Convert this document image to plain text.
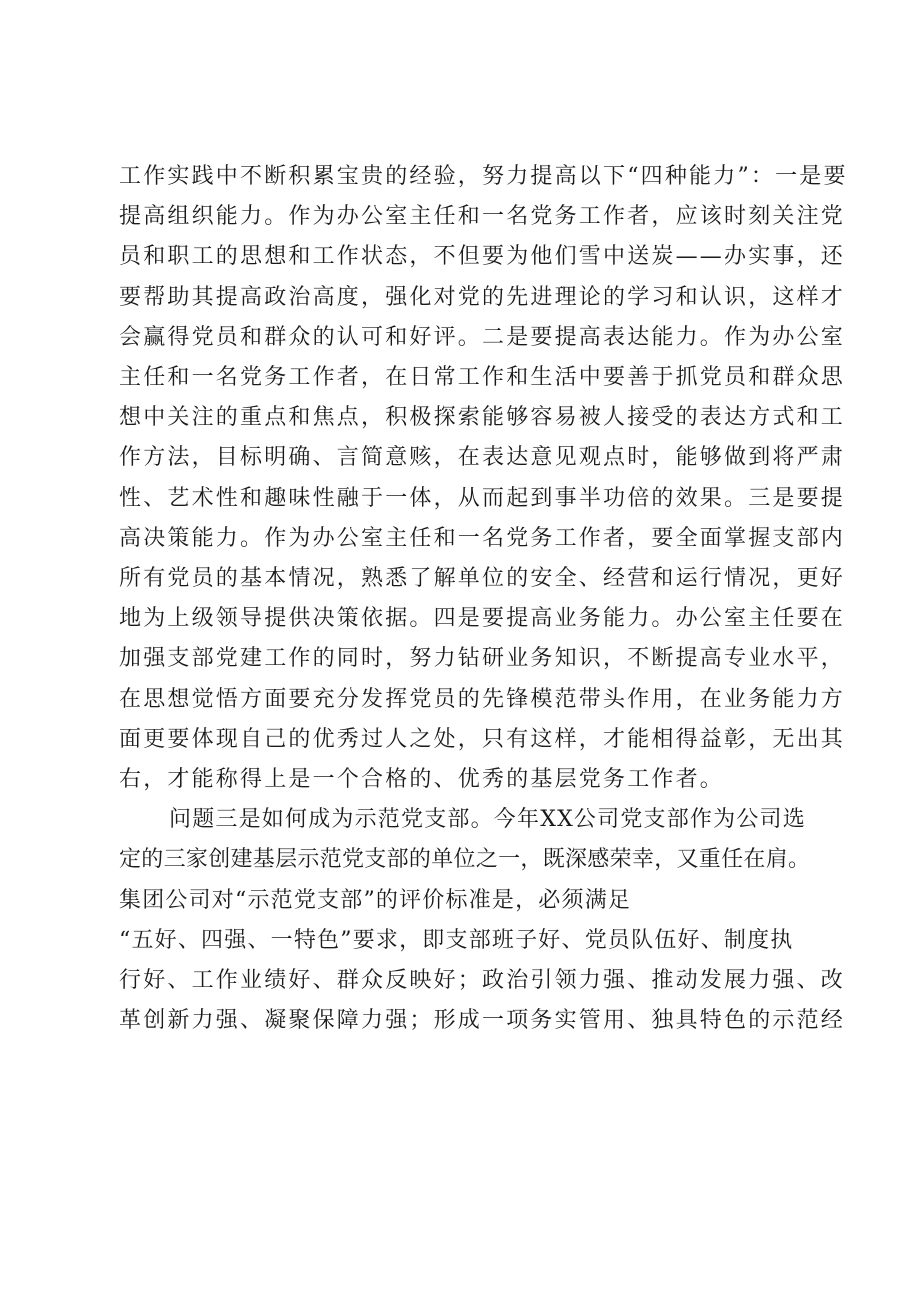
工作实践中不断积累宝贵的经验，努力提高以下“四种能力”：一是要
提高组织能力。作为办公室主任和一名党务工作者，应该时刻关注党
员和职工的思想和工作状态，不但要为他们雪中送炭——办实事，还
要帮助其提高政治高度，强化对党的先进理论的学习和认识，这样才
会赢得党员和群众的认可和好评。二是要提高表达能力。作为办公室
主任和一名党务工作者，在日常工作和生活中要善于抓党员和群众思
想中关注的重点和焦点，积极探索能够容易被人接受的表达方式和工
作方法，目标明确、言简意赅，在表达意见观点时，能够做到将严肃
性、艺术性和趣味性融于一体，从而起到事半功倍的效果。三是要提
高决策能力。作为办公室主任和一名党务工作者，要全面掌握支部内
所有党员的基本情况，熟悉了解单位的安全、经营和运行情况，更好
地为上级领导提供决策依据。四是要提高业务能力。办公室主任要在
加强支部党建工作的同时，努力钻研业务知识，不断提高专业水平，
在思想觉悟方面要充分发挥党员的先锋模范带头作用，在业务能力方
面更要体现自己的优秀过人之处，只有这样，才能相得益彰，无出其
右，才能称得上是一个合格的、优秀的基层党务工作者。
问题三是如何成为示范党支部。今年XX公司党支部作为公司选
定的三家创建基层示范党支部的单位之一，既深感荣幸，又重任在肩。
集团公司对“示范党支部”的评价标准是，必须满足
“五好、四强、一特色”要求，即支部班子好、党员队伍好、制度执
行好、工作业绩好、群众反映好；政治引领力强、推动发展力强、改
革创新力强、凝聚保障力强；形成一项务实管用、独具特色的示范经
